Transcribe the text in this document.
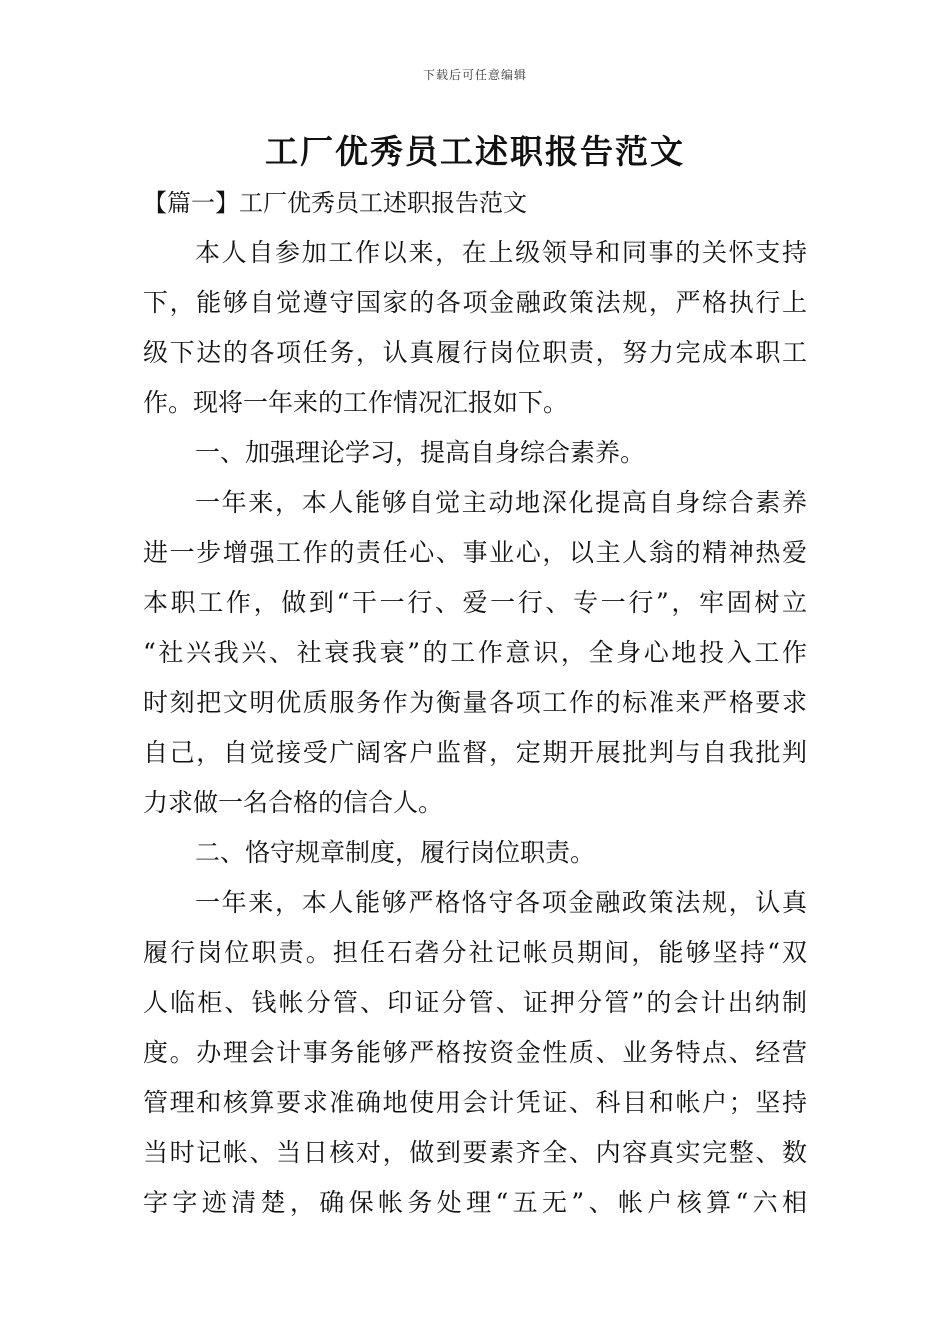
下载后可任意编辑
工厂优秀员工述职报告范文

【篇一】工厂优秀员工述职报告范文

本人自参加工作以来，在上级领导和同事的关怀支持

下，能够自觉遵守国家的各项金融政策法规，严格执行上

级下达的各项任务，认真履行岗位职责，努力完成本职工

作。现将一年来的工作情况汇报如下。

一、加强理论学习，提高自身综合素养。

一年来，本人能够自觉主动地深化提高自身综合素养

进一步增强工作的责任心、事业心，以主人翁的精神热爱

本职工作，做到“干一行、爱一行、专一行”，牢固树立

“社兴我兴、社衰我衰”的工作意识，全身心地投入工作

时刻把文明优质服务作为衡量各项工作的标准来严格要求

自己，自觉接受广阔客户监督，定期开展批判与自我批判

力求做一名合格的信合人。

二、恪守规章制度，履行岗位职责。

一年来，本人能够严格恪守各项金融政策法规，认真

履行岗位职责。担任石砻分社记帐员期间，能够坚持“双

人临柜、钱帐分管、印证分管、证押分管”的会计出纳制

度。办理会计事务能够严格按资金性质、业务特点、经营

管理和核算要求准确地使用会计凭证、科目和帐户；坚持

当时记帐、当日核对，做到要素齐全、内容真实完整、数

字字迹清楚，确保帐务处理“五无”、帐户核算“六相
